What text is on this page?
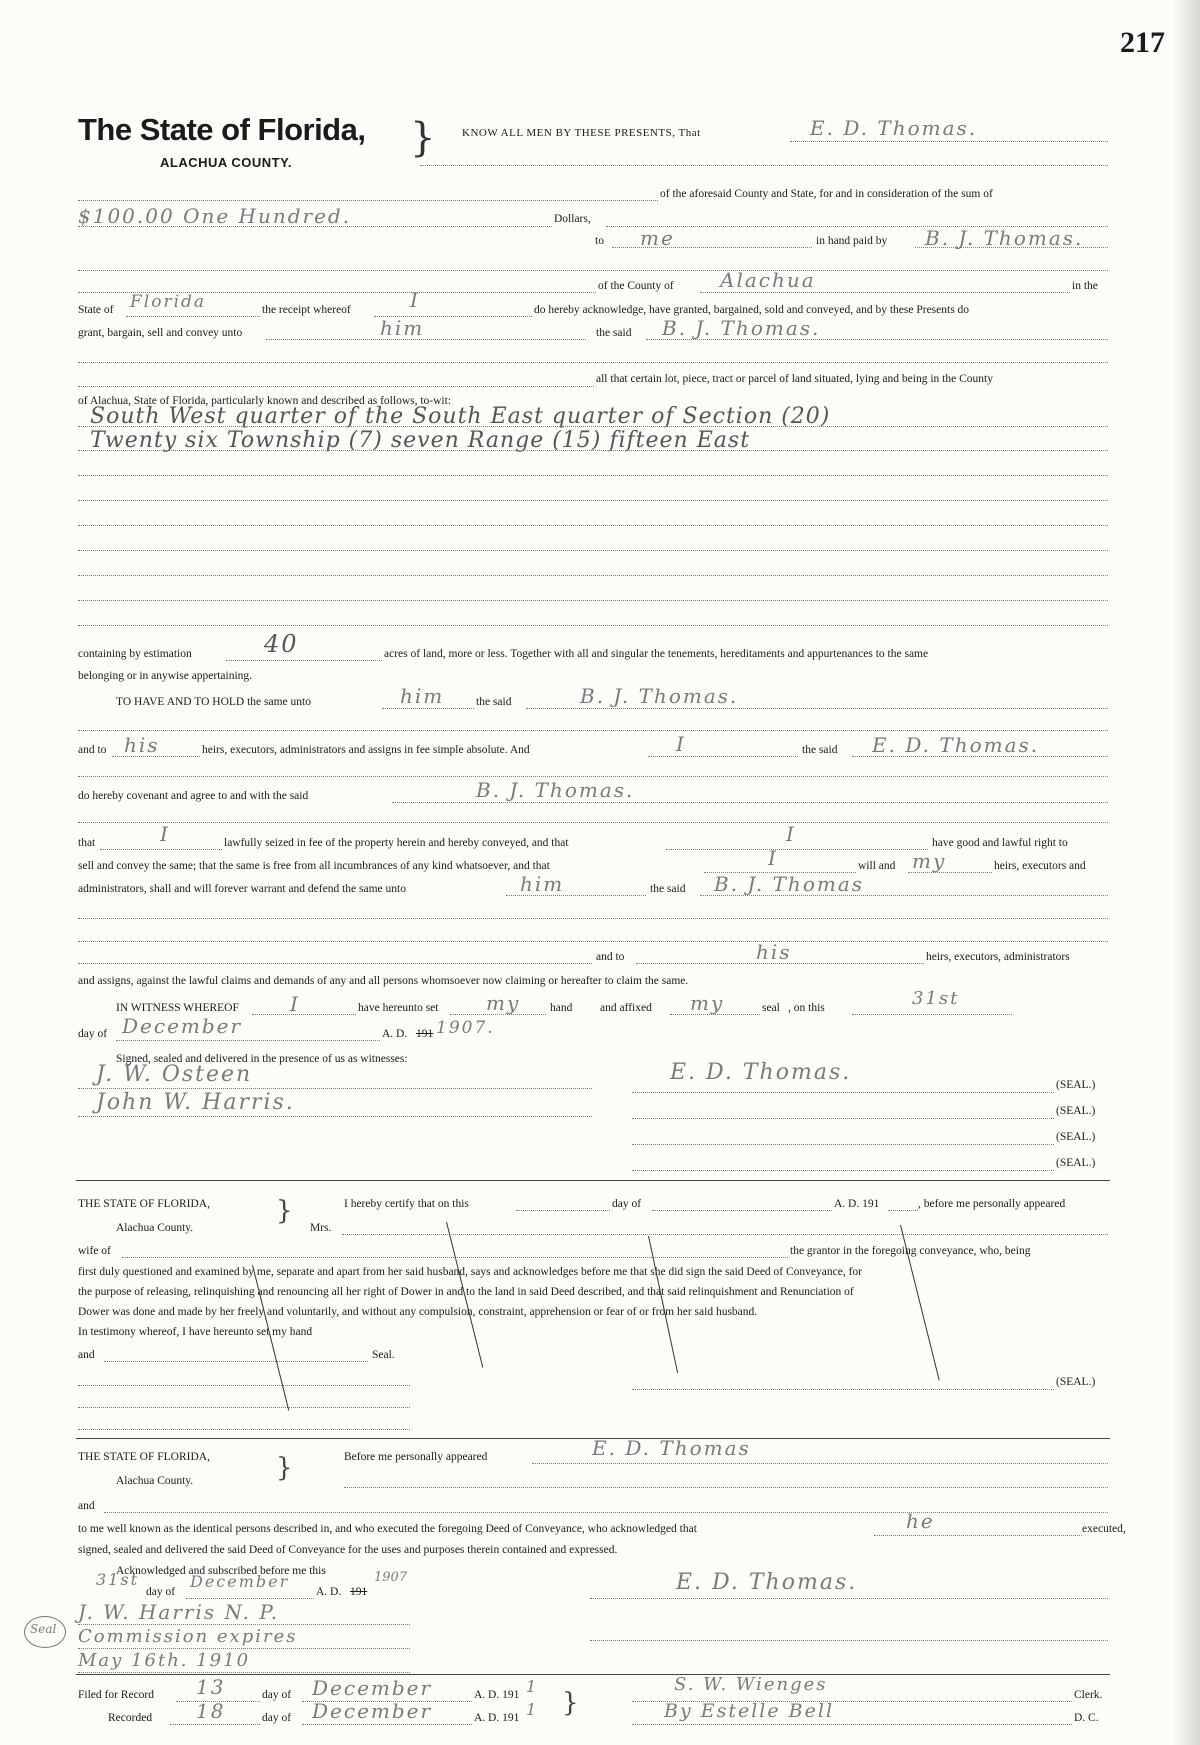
217
The State of Florida,
ALACHUA COUNTY.
} KNOW ALL MEN BY THESE PRESENTS, That	E. D. Thomas.
of the aforesaid County and State, for and in consideration of the sum of
$100.00 One Hundred.	Dollars,
to me	in hand paid by B. J. Thomas.
of the County of Alachua	in the
State of Florida	the receipt whereof	I	do hereby acknowledge, have granted, bargained, sold and conveyed, and by these Presents do
grant, bargain, sell and convey unto	him	the said B. J. Thomas.
all that certain lot, piece, tract or parcel of land situated, lying and being in the County
of Alachua, State of Florida, particularly known and described as follows, to-wit:
South West quarter of the South East quarter of Section (20)
Twenty six Township (7) seven Range (15) fifteen East
containing by estimation	40	acres of land, more or less. Together with all and singular the tenements, hereditaments and appurtenances to the same
belonging or in anywise appertaining.
TO HAVE AND TO HOLD the same unto	him	the said	B. J. Thomas.
and to his	heirs, executors, administrators and assigns in fee simple absolute. And	I	the said E. D. Thomas.
do hereby covenant and agree to and with the said	B. J. Thomas.
that	I	lawfully seized in fee of the property herein and hereby conveyed, and that	I	have good and lawful right to
sell and convey the same; that the same is free from all incumbrances of any kind whatsoever, and that	I	will and my	heirs, executors and
administrators, shall and will forever warrant and defend the same unto	him	the said B. J. Thomas
and to	his	heirs, executors, administrators
and assigns, against the lawful claims and demands of any and all persons whomsoever now claiming or hereafter to claim the same.
IN WITNESS WHEREOF	I	have hereunto set my	hand and affixed my	seal , on this	31st
day of December	A. D. 191 1907.
Signed, sealed and delivered in the presence of us as witnesses:
J. W. Osteen
John W. Harris.
E. D. Thomas.	(SEAL.)
(SEAL.)
(SEAL.)
(SEAL.)
THE STATE OF FLORIDA,
Alachua County.
}	I hereby certify that on this	day of	A. D. 191	, before me personally appeared
Mrs.
wife of	the grantor in the foregoing conveyance, who, being
first duly questioned and examined by me, separate and apart from her said husband, says and acknowledges before me that she did sign the said Deed of Conveyance, for
the purpose of releasing, relinquishing and renouncing all her right of Dower in and to the land in said Deed described, and that said relinquishment and Renunciation of
Dower was done and made by her freely and voluntarily, and without any compulsion, constraint, apprehension or fear of or from her said husband.
In testimony whereof, I have hereunto set my hand
and	Seal.
(SEAL.)
THE STATE OF FLORIDA,
Alachua County.	}	Before me personally appeared	E. D. Thomas
and
to me well known as the identical persons described in, and who executed the foregoing Deed of Conveyance, who acknowledged that	he	executed,
signed, sealed and delivered the said Deed of Conveyance for the uses and purposes therein contained and expressed.
Acknowledged and subscribed before me this
31st
day of
December
A. D. 191
1907
J. W. Harris N. P.
Commission expires
May 16th. 1910
Seal
E. D. Thomas.
Filed for Record 13	day of December	A. D. 191 1
Recorded 18	day of December	A. D. 191 1 }
S. W. Wienges	Clerk.
By Estelle Bell	D. C.
